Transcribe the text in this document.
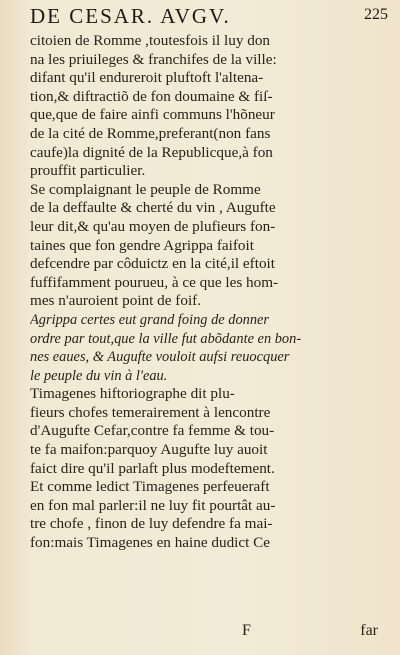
DE CESAR. AVGV.	225
citoien de Romme ,toutesfois il luy don
na les priuileges & franchifes de la ville:
difant qu'il endureroit pluftoft l'altena-
tion,& diftractiõ de fon doumaine & fiſ-
que,que de faire ainfi communs l'hõneur
de la cité de Romme,preferant(non fans
caufe)la dignité de la Republicque,à fon
prouffit particulier.
Se complaignant le peuple de Romme
de la deffaulte & cherté du vin , Augufte
leur dit,& qu'au moyen de plufieurs fon-
taines que fon gendre Agrippa faifoit
defcendre par côduictz en la cité,il eftoit
fuffifamment pourueu, à ce que les hom-
mes n'auroient point de foif.
Agrippa certes eut grand foing de donner
ordre par tout,que la ville fut abõdante en bon-
nes eaues, & Augufte vouloit aufsi reuocquer
le peuple du vin à l'eau.
Timagenes hiftoriographe dit plu-
fieurs chofes temerairement à lencontre
d'Augufte Cefar,contre fa femme & tou-
te fa maifon:parquoy Augufte luy auoit
faict dire qu'il parlaft plus modeftement.
Et comme ledict Timagenes perfeueraft
en fon mal parler:il ne luy fit pourtât au-
tre chofe , finon de luy defendre fa mai-
fon:mais Timagenes en haine dudict Ce
F	far
